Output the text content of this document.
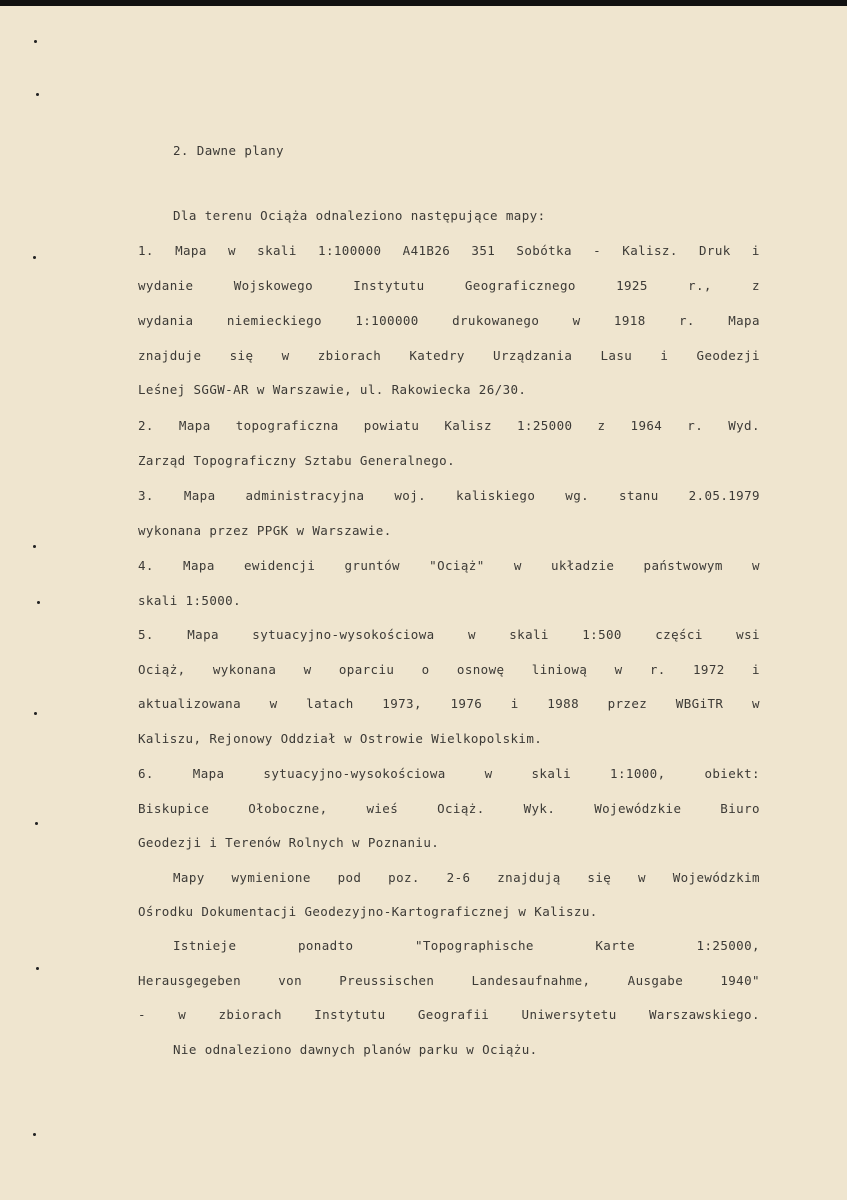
2. Dawne plany
Dla terenu Ociąża odnaleziono następujące mapy:
1. Mapa w skali 1:100000 A41B26 351 Sobótka - Kalisz. Druk i
wydanie	Wojskowego	Instytutu	Geograficznego	1925	r.,	z
wydania	niemieckiego	1:100000	drukowanego	w	1918	r.	Mapa
znajduje się w zbiorach Katedry Urządzania Lasu i Geodezji
Leśnej SGGW-AR w Warszawie, ul. Rakowiecka 26/30.
2. Mapa topograficzna powiatu Kalisz 1:25000 z 1964 r. Wyd.
Zarząd Topograficzny Sztabu Generalnego.
3. Mapa administracyjna woj. kaliskiego wg. stanu 2.05.1979
wykonana przez PPGK w Warszawie.
4. Mapa ewidencji gruntów "Ociąż" w układzie państwowym w
skali 1:5000.
5.	Mapa	sytuacyjno-wysokościowa	w	skali	1:500	części	wsi
Ociąż, wykonana w oparciu o osnowę liniową w r. 1972 i
aktualizowana w latach 1973, 1976 i 1988 przez WBGiTR w
Kaliszu, Rejonowy Oddział w Ostrowie Wielkopolskim.
6.	Mapa	sytuacyjno-wysokościowa	w	skali	1:1000,	obiekt:
Biskupice	Ołoboczne,	wieś	Ociąż.	Wyk.	Wojewódzkie	Biuro
Geodezji i Terenów Rolnych w Poznaniu.
Mapy wymienione pod poz. 2-6 znajdują się w Wojewódzkim
Ośrodku Dokumentacji Geodezyjno-Kartograficznej w Kaliszu.
Istnieje	ponadto	"Topographische	Karte	1:25000,
Herausgegeben	von	Preussischen	Landesaufnahme,	Ausgabe	1940"
-	w	zbiorach	Instytutu	Geografii	Uniwersytetu	Warszawskiego.
Nie odnaleziono dawnych planów parku w Ociążu.
